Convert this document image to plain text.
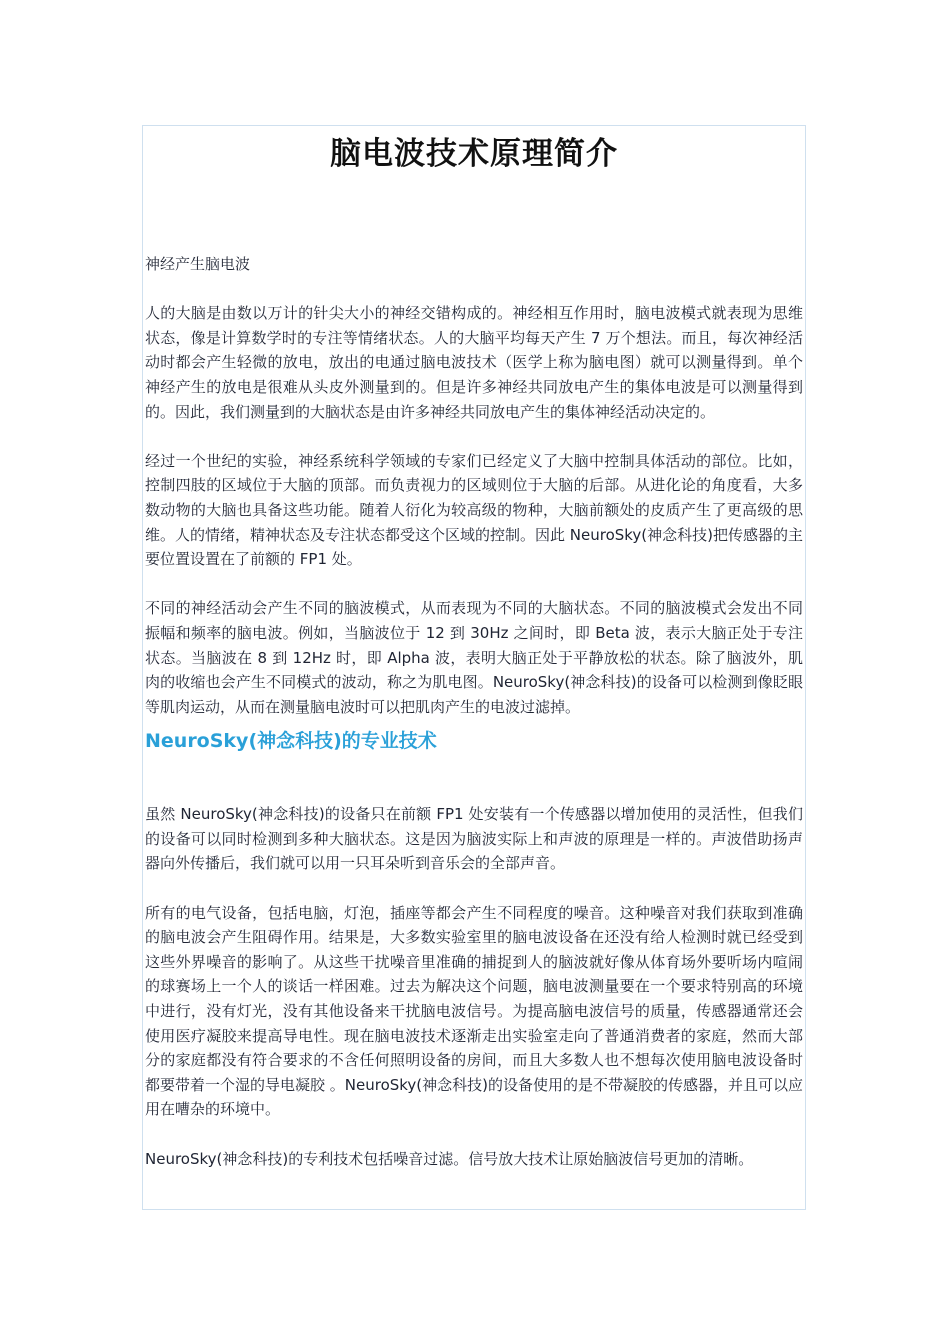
脑电波技术原理简介

神经产生脑电波

人的大脑是由数以万计的针尖大小的神经交错构成的。神经相互作用时，脑电波模式就表现为思维状态，像是计算数学时的专注等情绪状态。人的大脑平均每天产生 7 万个想法。而且，每次神经活动时都会产生轻微的放电，放出的电通过脑电波技术（医学上称为脑电图）就可以测量得到。单个神经产生的放电是很难从头皮外测量到的。但是许多神经共同放电产生的集体电波是可以测量得到的。因此，我们测量到的大脑状态是由许多神经共同放电产生的集体神经活动决定的。

经过一个世纪的实验，神经系统科学领域的专家们已经定义了大脑中控制具体活动的部位。比如，控制四肢的区域位于大脑的顶部。而负责视力的区域则位于大脑的后部。从进化论的角度看，大多数动物的大脑也具备这些功能。随着人衍化为较高级的物种，大脑前额处的皮质产生了更高级的思维。人的情绪，精神状态及专注状态都受这个区域的控制。因此 NeuroSky(神念科技)把传感器的主要位置设置在了前额的 FP1 处。

不同的神经活动会产生不同的脑波模式，从而表现为不同的大脑状态。不同的脑波模式会发出不同振幅和频率的脑电波。例如，当脑波位于 12 到 30Hz 之间时，即 Beta 波，表示大脑正处于专注状态。当脑波在 8 到 12Hz 时，即 Alpha 波，表明大脑正处于平静放松的状态。除了脑波外，肌肉的收缩也会产生不同模式的波动，称之为肌电图。NeuroSky(神念科技)的设备可以检测到像眨眼等肌肉运动，从而在测量脑电波时可以把肌肉产生的电波过滤掉。

NeuroSky(神念科技)的专业技术

虽然 NeuroSky(神念科技)的设备只在前额 FP1 处安装有一个传感器以增加使用的灵活性，但我们的设备可以同时检测到多种大脑状态。这是因为脑波实际上和声波的原理是一样的。声波借助扬声器向外传播后，我们就可以用一只耳朵听到音乐会的全部声音。

所有的电气设备，包括电脑，灯泡，插座等都会产生不同程度的噪音。这种噪音对我们获取到准确的脑电波会产生阻碍作用。结果是，大多数实验室里的脑电波设备在还没有给人检测时就已经受到这些外界噪音的影响了。从这些干扰噪音里准确的捕捉到人的脑波就好像从体育场外要听场内喧闹的球赛场上一个人的谈话一样困难。过去为解决这个问题，脑电波测量要在一个要求特别高的环境中进行，没有灯光，没有其他设备来干扰脑电波信号。为提高脑电波信号的质量，传感器通常还会使用医疗凝胶来提高导电性。现在脑电波技术逐渐走出实验室走向了普通消费者的家庭，然而大部分的家庭都没有符合要求的不含任何照明设备的房间，而且大多数人也不想每次使用脑电波设备时都要带着一个湿的导电凝胶 。NeuroSky(神念科技)的设备使用的是不带凝胶的传感器，并且可以应用在嘈杂的环境中。

NeuroSky(神念科技)的专利技术包括噪音过滤。信号放大技术让原始脑波信号更加的清晰。
